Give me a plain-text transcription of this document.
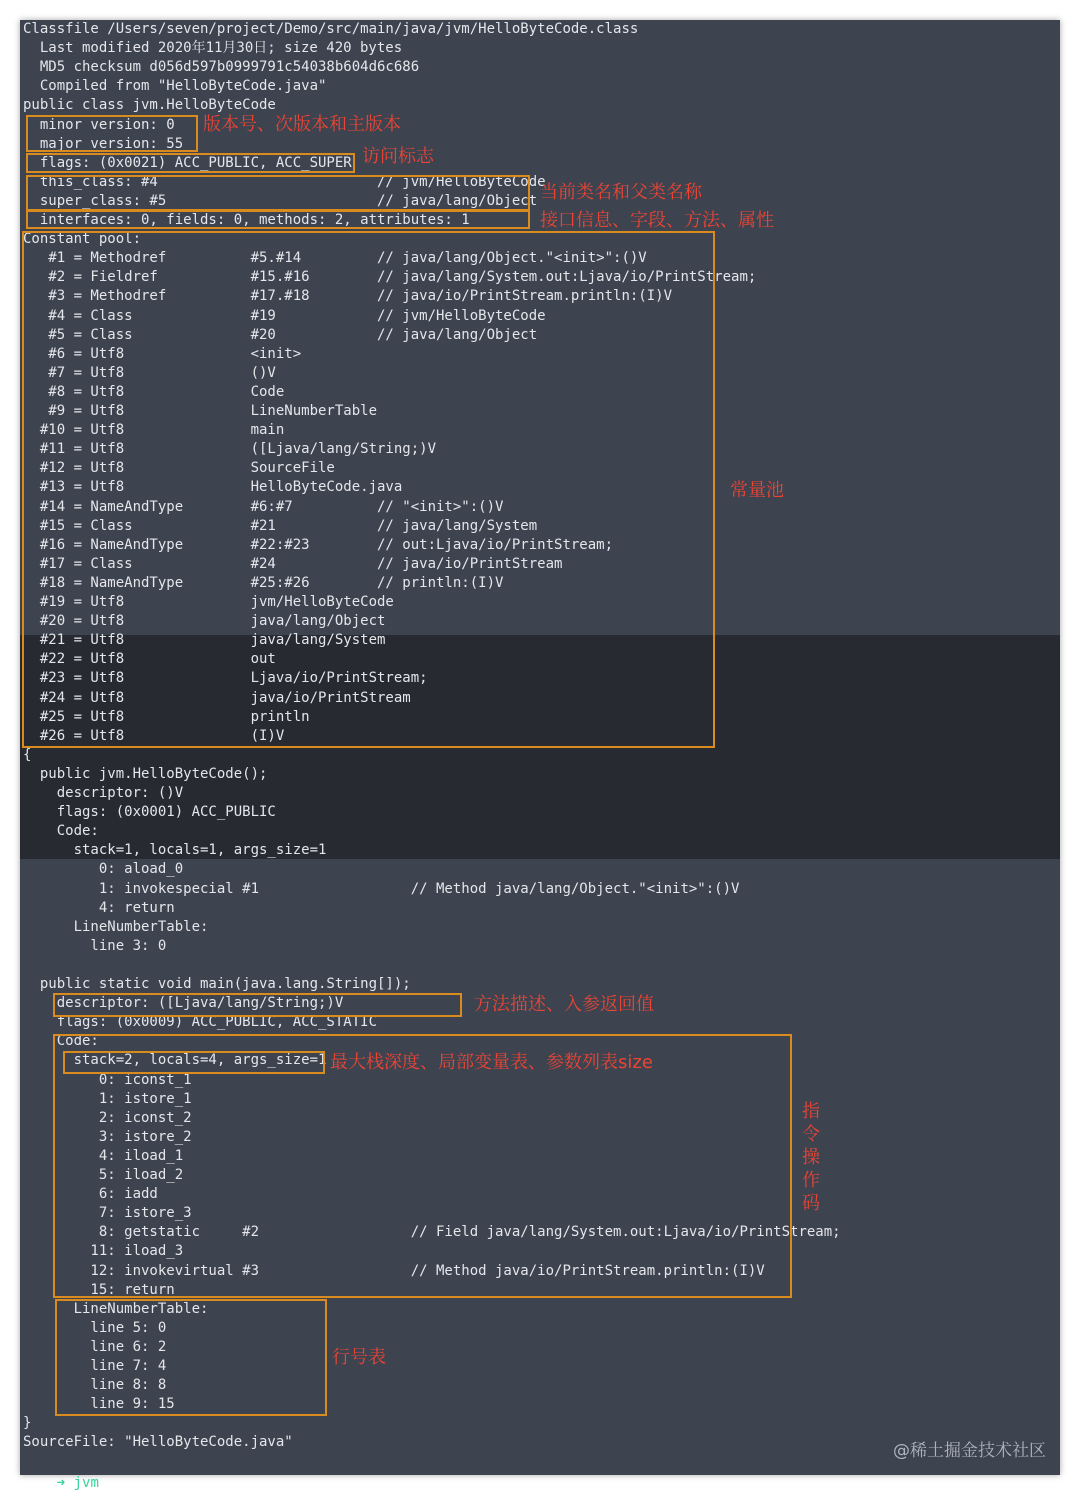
Classfile /Users/seven/project/Demo/src/main/java/jvm/HelloByteCode.class
Last modified 2020年11月30日; size 420 bytes
MD5 checksum d056d597b0999791c54038b604d6c686
Compiled from "HelloByteCode.java"
public class jvm.HelloByteCode
minor version: 0
major version: 55
flags: (0x0021) ACC_PUBLIC, ACC_SUPER
this_class: #4                          // jvm/HelloByteCode
super_class: #5                         // java/lang/Object
interfaces: 0, fields: 0, methods: 2, attributes: 1
Constant pool:
#1 = Methodref          #5.#14         // java/lang/Object."<init>":()V
#2 = Fieldref           #15.#16        // java/lang/System.out:Ljava/io/PrintStream;
#3 = Methodref          #17.#18        // java/io/PrintStream.println:(I)V
#4 = Class              #19            // jvm/HelloByteCode
#5 = Class              #20            // java/lang/Object
#6 = Utf8               <init>
#7 = Utf8               ()V
#8 = Utf8               Code
#9 = Utf8               LineNumberTable
#10 = Utf8               main
#11 = Utf8               ([Ljava/lang/String;)V
#12 = Utf8               SourceFile
#13 = Utf8               HelloByteCode.java
#14 = NameAndType        #6:#7          // "<init>":()V
#15 = Class              #21            // java/lang/System
#16 = NameAndType        #22:#23        // out:Ljava/io/PrintStream;
#17 = Class              #24            // java/io/PrintStream
#18 = NameAndType        #25:#26        // println:(I)V
#19 = Utf8               jvm/HelloByteCode
#20 = Utf8               java/lang/Object
#21 = Utf8               java/lang/System
#22 = Utf8               out
#23 = Utf8               Ljava/io/PrintStream;
#24 = Utf8               java/io/PrintStream
#25 = Utf8               println
#26 = Utf8               (I)V
{
public jvm.HelloByteCode();
descriptor: ()V
flags: (0x0001) ACC_PUBLIC
Code:
stack=1, locals=1, args_size=1
0: aload_0
1: invokespecial #1                  // Method java/lang/Object."<init>":()V
4: return
LineNumberTable:
line 3: 0
public static void main(java.lang.String[]);
descriptor: ([Ljava/lang/String;)V
flags: (0x0009) ACC_PUBLIC, ACC_STATIC
Code:
stack=2, locals=4, args_size=1
0: iconst_1
1: istore_1
2: iconst_2
3: istore_2
4: iload_1
5: iload_2
6: iadd
7: istore_3
8: getstatic     #2                  // Field java/lang/System.out:Ljava/io/PrintStream;
11: iload_3
12: invokevirtual #3                  // Method java/io/PrintStream.println:(I)V
15: return
LineNumberTable:
line 5: 0
line 6: 2
line 7: 4
line 8: 8
line 9: 15
}
SourceFile: "HelloByteCode.java"
版本号、次版本和主版本
访问标志
当前类名和父类名称
接口信息、字段、方法、属性
常量池
方法描述、入参返回值
最大栈深度、局部变量表、参数列表size
指令操作码
行号表

➜ jvm

@稀土掘金技术社区
